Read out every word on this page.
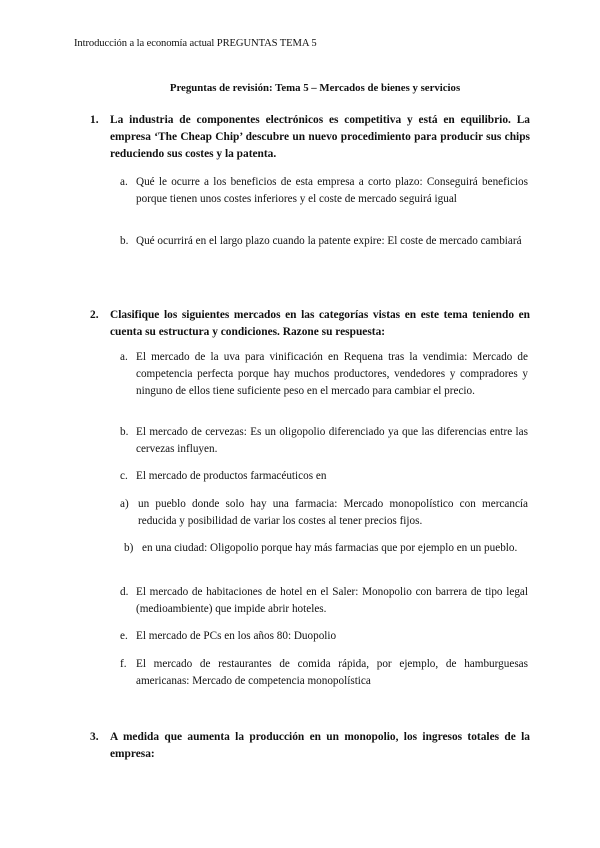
Introducción a la economía actual PREGUNTAS TEMA 5
Preguntas de revisión: Tema 5 – Mercados de bienes y servicios
1. La industria de componentes electrónicos es competitiva y está en equilibrio. La empresa ‘The Cheap Chip’ descubre un nuevo procedimiento para producir sus chips reduciendo sus costes y la patenta.
a. Qué le ocurre a los beneficios de esta empresa a corto plazo: Conseguirá beneficios porque tienen unos costes inferiores y el coste de mercado seguirá igual
b. Qué ocurrirá en el largo plazo cuando la patente expire: El coste de mercado cambiará
2. Clasifique los siguientes mercados en las categorías vistas en este tema teniendo en cuenta su estructura y condiciones. Razone su respuesta:
a. El mercado de la uva para vinificación en Requena tras la vendimia: Mercado de competencia perfecta porque hay muchos productores, vendedores y compradores y ninguno de ellos tiene suficiente peso en el mercado para cambiar el precio.
b. El mercado de cervezas: Es un oligopolio diferenciado ya que las diferencias entre las cervezas influyen.
c. El mercado de productos farmacéuticos en
a) un pueblo donde solo hay una farmacia: Mercado monopolístico con mercancía reducida y posibilidad de variar los costes al tener precios fijos.
b) en una ciudad: Oligopolio porque hay más farmacias que por ejemplo en un pueblo.
d. El mercado de habitaciones de hotel en el Saler: Monopolio con barrera de tipo legal (medioambiente) que impide abrir hoteles.
e. El mercado de PCs en los años 80: Duopolio
f. El mercado de restaurantes de comida rápida, por ejemplo, de hamburguesas americanas: Mercado de competencia monopolística
3. A medida que aumenta la producción en un monopolio, los ingresos totales de la empresa:
